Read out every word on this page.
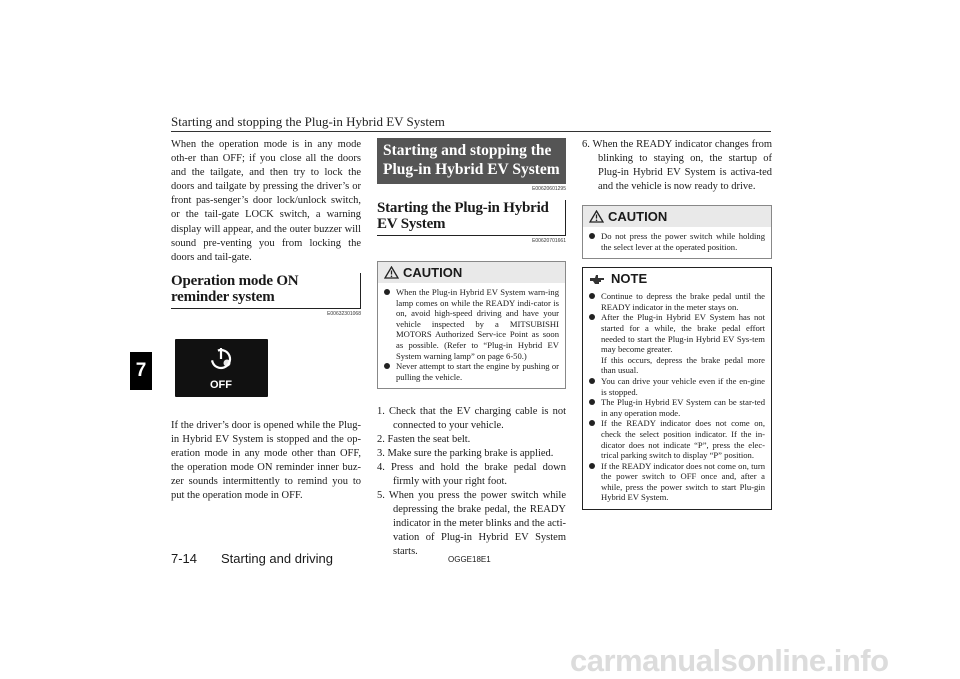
Starting and stopping the Plug-in Hybrid EV System
7

When the operation mode is in any mode oth-er than OFF; if you close all the doors and the tailgate, and then try to lock the doors and tailgate by pressing the driver’s or front pas-senger’s door lock/unlock switch, or the tail-gate LOCK switch, a warning display will appear, and the outer buzzer will sound pre-venting you from locking the doors and tail-gate.

Operation mode ON reminder system
E00632301068
OFF

If the driver’s door is opened while the Plug-in Hybrid EV System is stopped and the op-eration mode in any mode other than OFF, the operation mode ON reminder inner buz-zer sounds intermittently to remind you to put the operation mode in OFF.

Starting and stopping the Plug-in Hybrid EV System
E00620601295
Starting the Plug-in Hybrid EV System
E00620701661
CAUTION
When the Plug-in Hybrid EV System warn-ing lamp comes on while the READY indi-cator is on, avoid high-speed driving and have your vehicle inspected by a MITSUBISHI MOTORS Authorized Serv-ice Point as soon as possible. (Refer to “Plug-in Hybrid EV System warning lamp” on page 6-50.)
Never attempt to start the engine by pushing or pulling the vehicle.
1. Check that the EV charging cable is not connected to your vehicle.
2. Fasten the seat belt.
3. Make sure the parking brake is applied.
4. Press and hold the brake pedal down firmly with your right foot.
5. When you press the power switch while depressing the brake pedal, the READY indicator in the meter blinks and the acti-vation of Plug-in Hybrid EV System starts.
6. When the READY indicator changes from blinking to staying on, the startup of Plug-in Hybrid EV System is activa-ted and the vehicle is now ready to drive.
CAUTION
Do not press the power switch while holding the select lever at the operated position.
NOTE
Continue to depress the brake pedal until the READY indicator in the meter stays on.
After the Plug-in Hybrid EV System has not started for a while, the brake pedal effort needed to start the Plug-in Hybrid EV Sys-tem may become greater.
If this occurs, depress the brake pedal more than usual.
You can drive your vehicle even if the en-gine is stopped.
The Plug-in Hybrid EV System can be star-ted in any operation mode.
If the READY indicator does not come on, check the select position indicator. If the in-dicator does not indicate “P”, press the elec-trical parking switch to display “P” position.
If the READY indicator does not come on, turn the power switch to OFF once and, after a while, press the power switch to start Plu-gin Hybrid EV System.
7-14 Starting and driving	OGGE18E1
carmanualsonline.info
